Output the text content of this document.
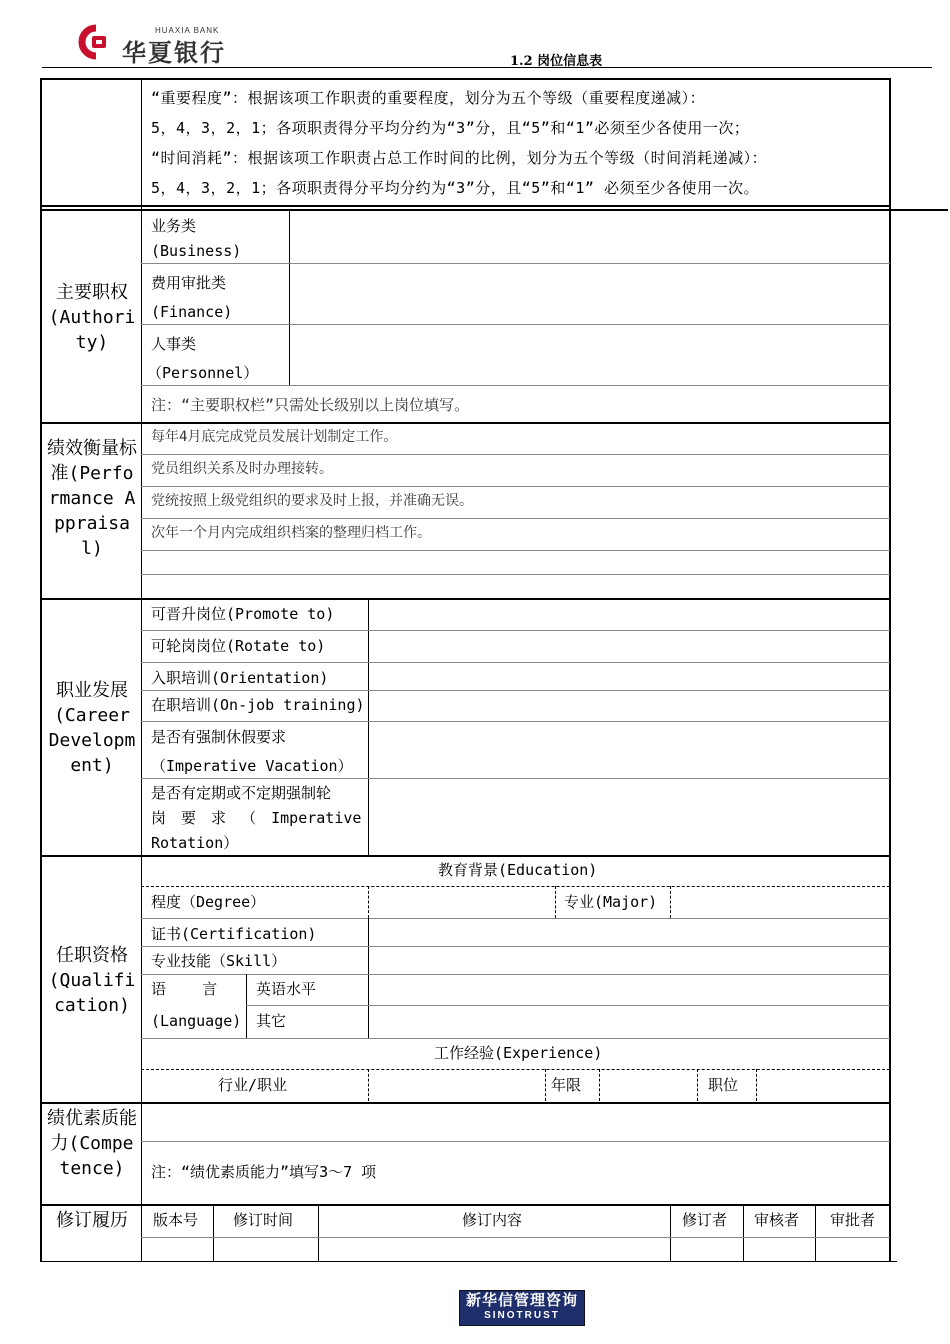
HUAXIA BANK
华夏银行	1.2 岗位信息表
“重要程度”：根据该项工作职责的重要程度，划分为五个等级（重要程度递减）：
5，4，3，2，1；各项职责得分平均分约为“3”分，且“5”和“1”必须至少各使用一次；
“时间消耗”：根据该项工作职责占总工作时间的比例，划分为五个等级（时间消耗递减）：
5，4，3，2，1；各项职责得分平均分约为“3”分，且“5”和“1” 必须至少各使用一次。
主要职权(Authority)
业务类
(Business)
费用审批类
(Finance)
人事类
（Personnel）
注：“主要职权栏”只需处长级别以上岗位填写。
绩效衡量标准(Performance Appraisal)
每年4月底完成党员发展计划制定工作。
党员组织关系及时办理接转。
党统按照上级党组织的要求及时上报，并准确无误。
次年一个月内完成组织档案的整理归档工作。
职业发展(Career Development)
可晋升岗位(Promote to)
可轮岗岗位(Rotate to)
入职培训(Orientation)
在职培训(On-job training)
是否有强制休假要求
（Imperative Vacation）
是否有定期或不定期强制轮
岗 要 求 （ Imperative
Rotation）
任职资格(Qualification)
教育背景(Education)
程度（Degree）	专业(Major)
证书(Certification)
专业技能（Skill）
语    言
(Language)
英语水平
其它
工作经验(Experience)
行业/职业	年限	职位
绩优素质能力(Competence)	注：“绩优素质能力”填写3～7 项
修订履历	版本号 修订时间	修订内容	修订者 审核者 审批者
新华信管理咨询
SINOTRUST
